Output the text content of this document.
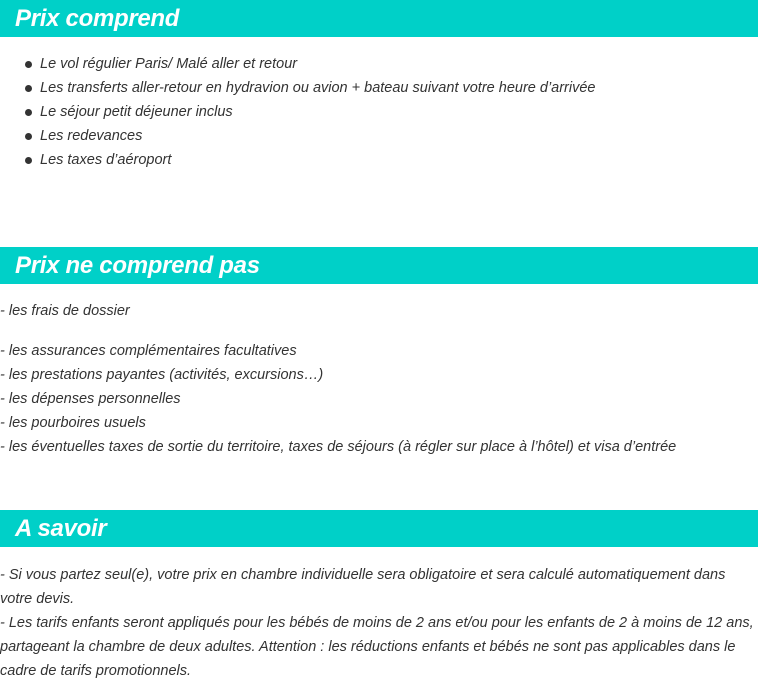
Prix comprend
Le vol régulier Paris/ Malé aller et retour
Les transferts aller-retour en hydravion ou avion + bateau suivant votre heure d’arrivée
Le séjour petit déjeuner inclus
Les redevances
Les taxes d’aéroport
Prix ne comprend pas
- les frais de dossier
- les assurances complémentaires facultatives
- les prestations payantes (activités, excursions…)
- les dépenses personnelles
- les pourboires usuels
- les éventuelles taxes de sortie du territoire, taxes de séjours (à régler sur place à l’hôtel) et visa d’entrée
A savoir

- Si vous partez seul(e), votre prix en chambre individuelle sera obligatoire et sera calculé automatiquement dans votre devis.

- Les tarifs enfants seront appliqués pour les bébés de moins de 2 ans et/ou pour les enfants de 2 à moins de 12 ans, partageant la chambre de deux adultes. Attention : les réductions enfants et bébés ne sont pas applicables dans le cadre de tarifs promotionnels.
